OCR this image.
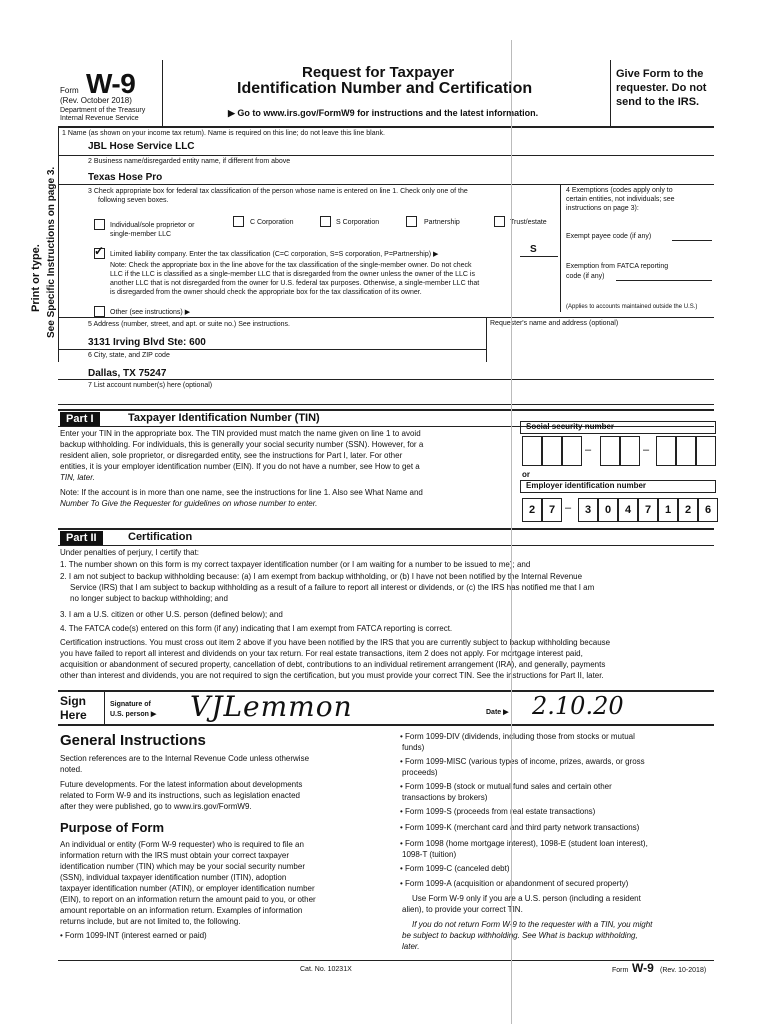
Form W-9
(Rev. October 2018)
Department of the Treasury
Internal Revenue Service
Request for Taxpayer
Identification Number and Certification
▶ Go to www.irs.gov/FormW9 for instructions and the latest information.
Give Form to the
requester. Do not
send to the IRS.
Print or type. See Specific Instructions on page 3.
1 Name (as shown on your income tax return). Name is required on this line; do not leave this line blank.
JBL Hose Service LLC
2 Business name/disregarded entity name, if different from above
Texas Hose Pro
3 Check appropriate box for federal tax classification of the person whose name is entered on line 1. Check only one of the
following seven boxes.
Individual/sole proprietor or
single-member LLC
C Corporation	S Corporation	Partnership	Trust/estate
✓ Limited liability company. Enter the tax classification (C=C corporation, S=S corporation, P=Partnership) ▶	S
Note: Check the appropriate box in the line above for the tax classification of the single-member owner. Do not check
LLC if the LLC is classified as a single-member LLC that is disregarded from the owner unless the owner of the LLC is
another LLC that is not disregarded from the owner for U.S. federal tax purposes. Otherwise, a single-member LLC that
is disregarded from the owner should check the appropriate box for the tax classification of its owner.
Other (see instructions) ▶
4 Exemptions (codes apply only to
certain entities, not individuals; see
instructions on page 3):
Exempt payee code (if any)
Exemption from FATCA reporting
code (if any)
(Applies to accounts maintained outside the U.S.)
5 Address (number, street, and apt. or suite no.) See instructions.	Requester's name and address (optional)
3131 Irving Blvd Ste: 600
6 City, state, and ZIP code
Dallas, TX 75247
7 List account number(s) here (optional)
Part I	Taxpayer Identification Number (TIN)
Enter your TIN in the appropriate box. The TIN provided must match the name given on line 1 to avoid
backup withholding. For individuals, this is generally your social security number (SSN). However, for a
resident alien, sole proprietor, or disregarded entity, see the instructions for Part I, later. For other
entities, it is your employer identification number (EIN). If you do not have a number, see How to get a
TIN, later.
Note: If the account is in more than one name, see the instructions for line 1. Also see What Name and
Number To Give the Requester for guidelines on whose number to enter.
Social security number
–	–
or
Employer identification number
2	7 –	3	0	4	7	1	2	6
Part II	Certification
Under penalties of perjury, I certify that:
1. The number shown on this form is my correct taxpayer identification number (or I am waiting for a number to be issued to me); and
2. I am not subject to backup withholding because: (a) I am exempt from backup withholding, or (b) I have not been notified by the Internal Revenue
Service (IRS) that I am subject to backup withholding as a result of a failure to report all interest or dividends, or (c) the IRS has notified me that I am
no longer subject to backup withholding; and
3. I am a U.S. citizen or other U.S. person (defined below); and
4. The FATCA code(s) entered on this form (if any) indicating that I am exempt from FATCA reporting is correct.
Certification instructions. You must cross out item 2 above if you have been notified by the IRS that you are currently subject to backup withholding because
you have failed to report all interest and dividends on your tax return. For real estate transactions, item 2 does not apply. For mortgage interest paid,
acquisition or abandonment of secured property, cancellation of debt, contributions to an individual retirement arrangement (IRA), and generally, payments
other than interest and dividends, you are not required to sign the certification, but you must provide your correct TIN. See the instructions for Part II, later.
Sign
Here
Signature of
U.S. person ▶ VJLemmon	Date ▶ 2.10.20
General Instructions
Section references are to the Internal Revenue Code unless otherwise
noted.
Future developments. For the latest information about developments
related to Form W-9 and its instructions, such as legislation enacted
after they were published, go to www.irs.gov/FormW9.
Purpose of Form
An individual or entity (Form W-9 requester) who is required to file an
information return with the IRS must obtain your correct taxpayer
identification number (TIN) which may be your social security number
(SSN), individual taxpayer identification number (ITIN), adoption
taxpayer identification number (ATIN), or employer identification number
(EIN), to report on an information return the amount paid to you, or other
amount reportable on an information return. Examples of information
returns include, but are not limited to, the following.
• Form 1099-INT (interest earned or paid)
• Form 1099-DIV (dividends, including those from stocks or mutual
funds)
• Form 1099-MISC (various types of income, prizes, awards, or gross
proceeds)
• Form 1099-B (stock or mutual fund sales and certain other
transactions by brokers)
• Form 1099-S (proceeds from real estate transactions)
• Form 1099-K (merchant card and third party network transactions)
• Form 1098 (home mortgage interest), 1098-E (student loan interest),
1098-T (tuition)
• Form 1099-C (canceled debt)
• Form 1099-A (acquisition or abandonment of secured property)
Use Form W-9 only if you are a U.S. person (including a resident
alien), to provide your correct TIN.
If you do not return Form W-9 to the requester with a TIN, you might
be subject to backup withholding. See What is backup withholding,
later.
Cat. No. 10231X	Form W-9 (Rev. 10-2018)
